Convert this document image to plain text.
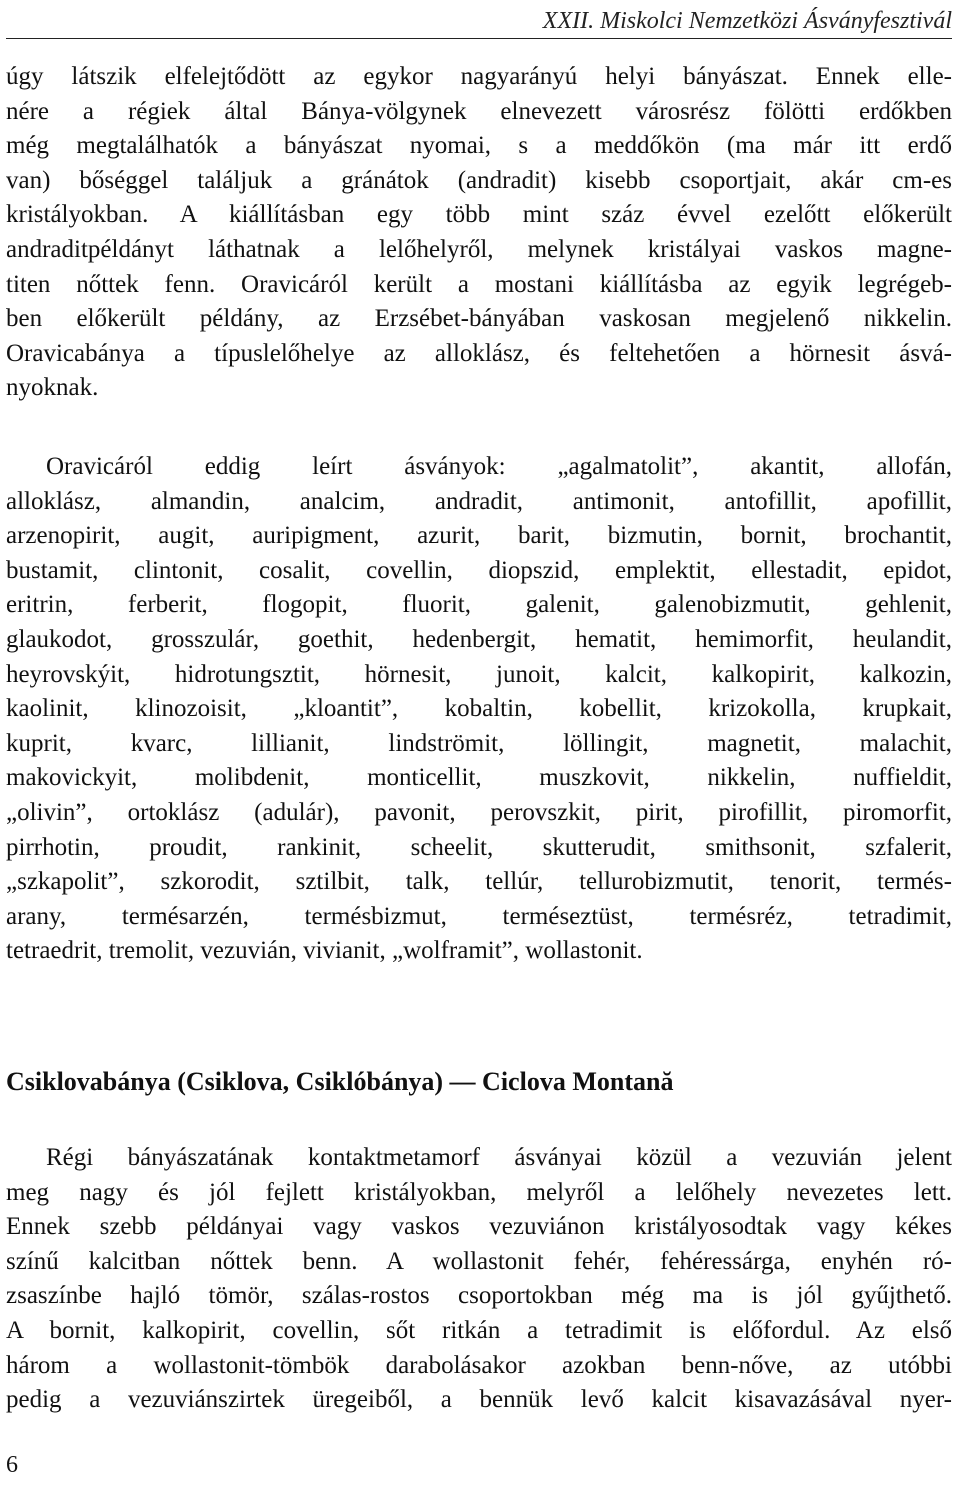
XXII. Miskolci Nemzetközi Ásványfesztivál
úgy látszik elfelejtődött az egykor nagyarányú helyi bányászat. Ennek elle-
nére a régiek által Bánya-völgynek elnevezett városrész fölötti erdőkben
még megtalálhatók a bányászat nyomai, s a meddőkön (ma már itt erdő
van) bőséggel találjuk a gránátok (andradit) kisebb csoportjait, akár cm-es
kristályokban. A kiállításban egy több mint száz évvel ezelőtt előkerült
andraditpéldányt láthatnak a lelőhelyről, melynek kristályai vaskos magne-
titen nőttek fenn. Oravicáról került a mostani kiállításba az egyik legrégeb-
ben előkerült példány, az Erzsébet-bányában vaskosan megjelenő nikkelin.
Oravicabánya a típuslelőhelye az alloklász, és feltehetően a hörnesit ásvá-
nyoknak.
Oravicáról eddig leírt ásványok: „agalmatolit”, akantit, allofán,
alloklász, almandin, analcim, andradit, antimonit, antofillit, apofillit,
arzenopirit, augit, auripigment, azurit, barit, bizmutin, bornit, brochantit,
bustamit, clintonit, cosalit, covellin, diopszid, emplektit, ellestadit, epidot,
eritrin, ferberit, flogopit, fluorit, galenit, galenobizmutit, gehlenit,
glaukodot, grosszulár, goethit, hedenbergit, hematit, hemimorfit, heulandit,
heyrovskýit, hidrotungsztit, hörnesit, junoit, kalcit, kalkopirit, kalkozin,
kaolinit, klinozoisit, „kloantit”, kobaltin, kobellit, krizokolla, krupkait,
kuprit, kvarc, lillianit, lindströmit, löllingit, magnetit, malachit,
makovickyit, molibdenit, monticellit, muszkovit, nikkelin, nuffieldit,
„olivin”, ortoklász (adulár), pavonit, perovszkit, pirit, pirofillit, piromorfit,
pirrhotin, proudit, rankinit, scheelit, skutterudit, smithsonit, szfalerit,
„szkapolit”, szkorodit, sztilbit, talk, tellúr, tellurobizmutit, tenorit, termés-
arany, termésarzén, termésbizmut, terméseztüst, termésréz, tetradimit,
tetraedrit, tremolit, vezuvián, vivianit, „wolframit”, wollastonit.
Csiklovabánya (Csiklova, Csiklóbánya) — Ciclova Montană
Régi bányászatának kontaktmetamorf ásványai közül a vezuvián jelent
meg nagy és jól fejlett kristályokban, melyről a lelőhely nevezetes lett.
Ennek szebb példányai vagy vaskos vezuviánon kristályosodtak vagy kékes
színű kalcitban nőttek benn. A wollastonit fehér, fehéressárga, enyhén ró-
zsaszínbe hajló tömör, szálas-rostos csoportokban még ma is jól gyűjthető.
A bornit, kalkopirit, covellin, sőt ritkán a tetradimit is előfordul. Az első
három a wollastonit-tömbök darabolásakor azokban benn-nőve, az utóbbi
pedig a vezuviánszirtek üregeiből, a bennük levő kalcit kisavazásával nyer-
6
